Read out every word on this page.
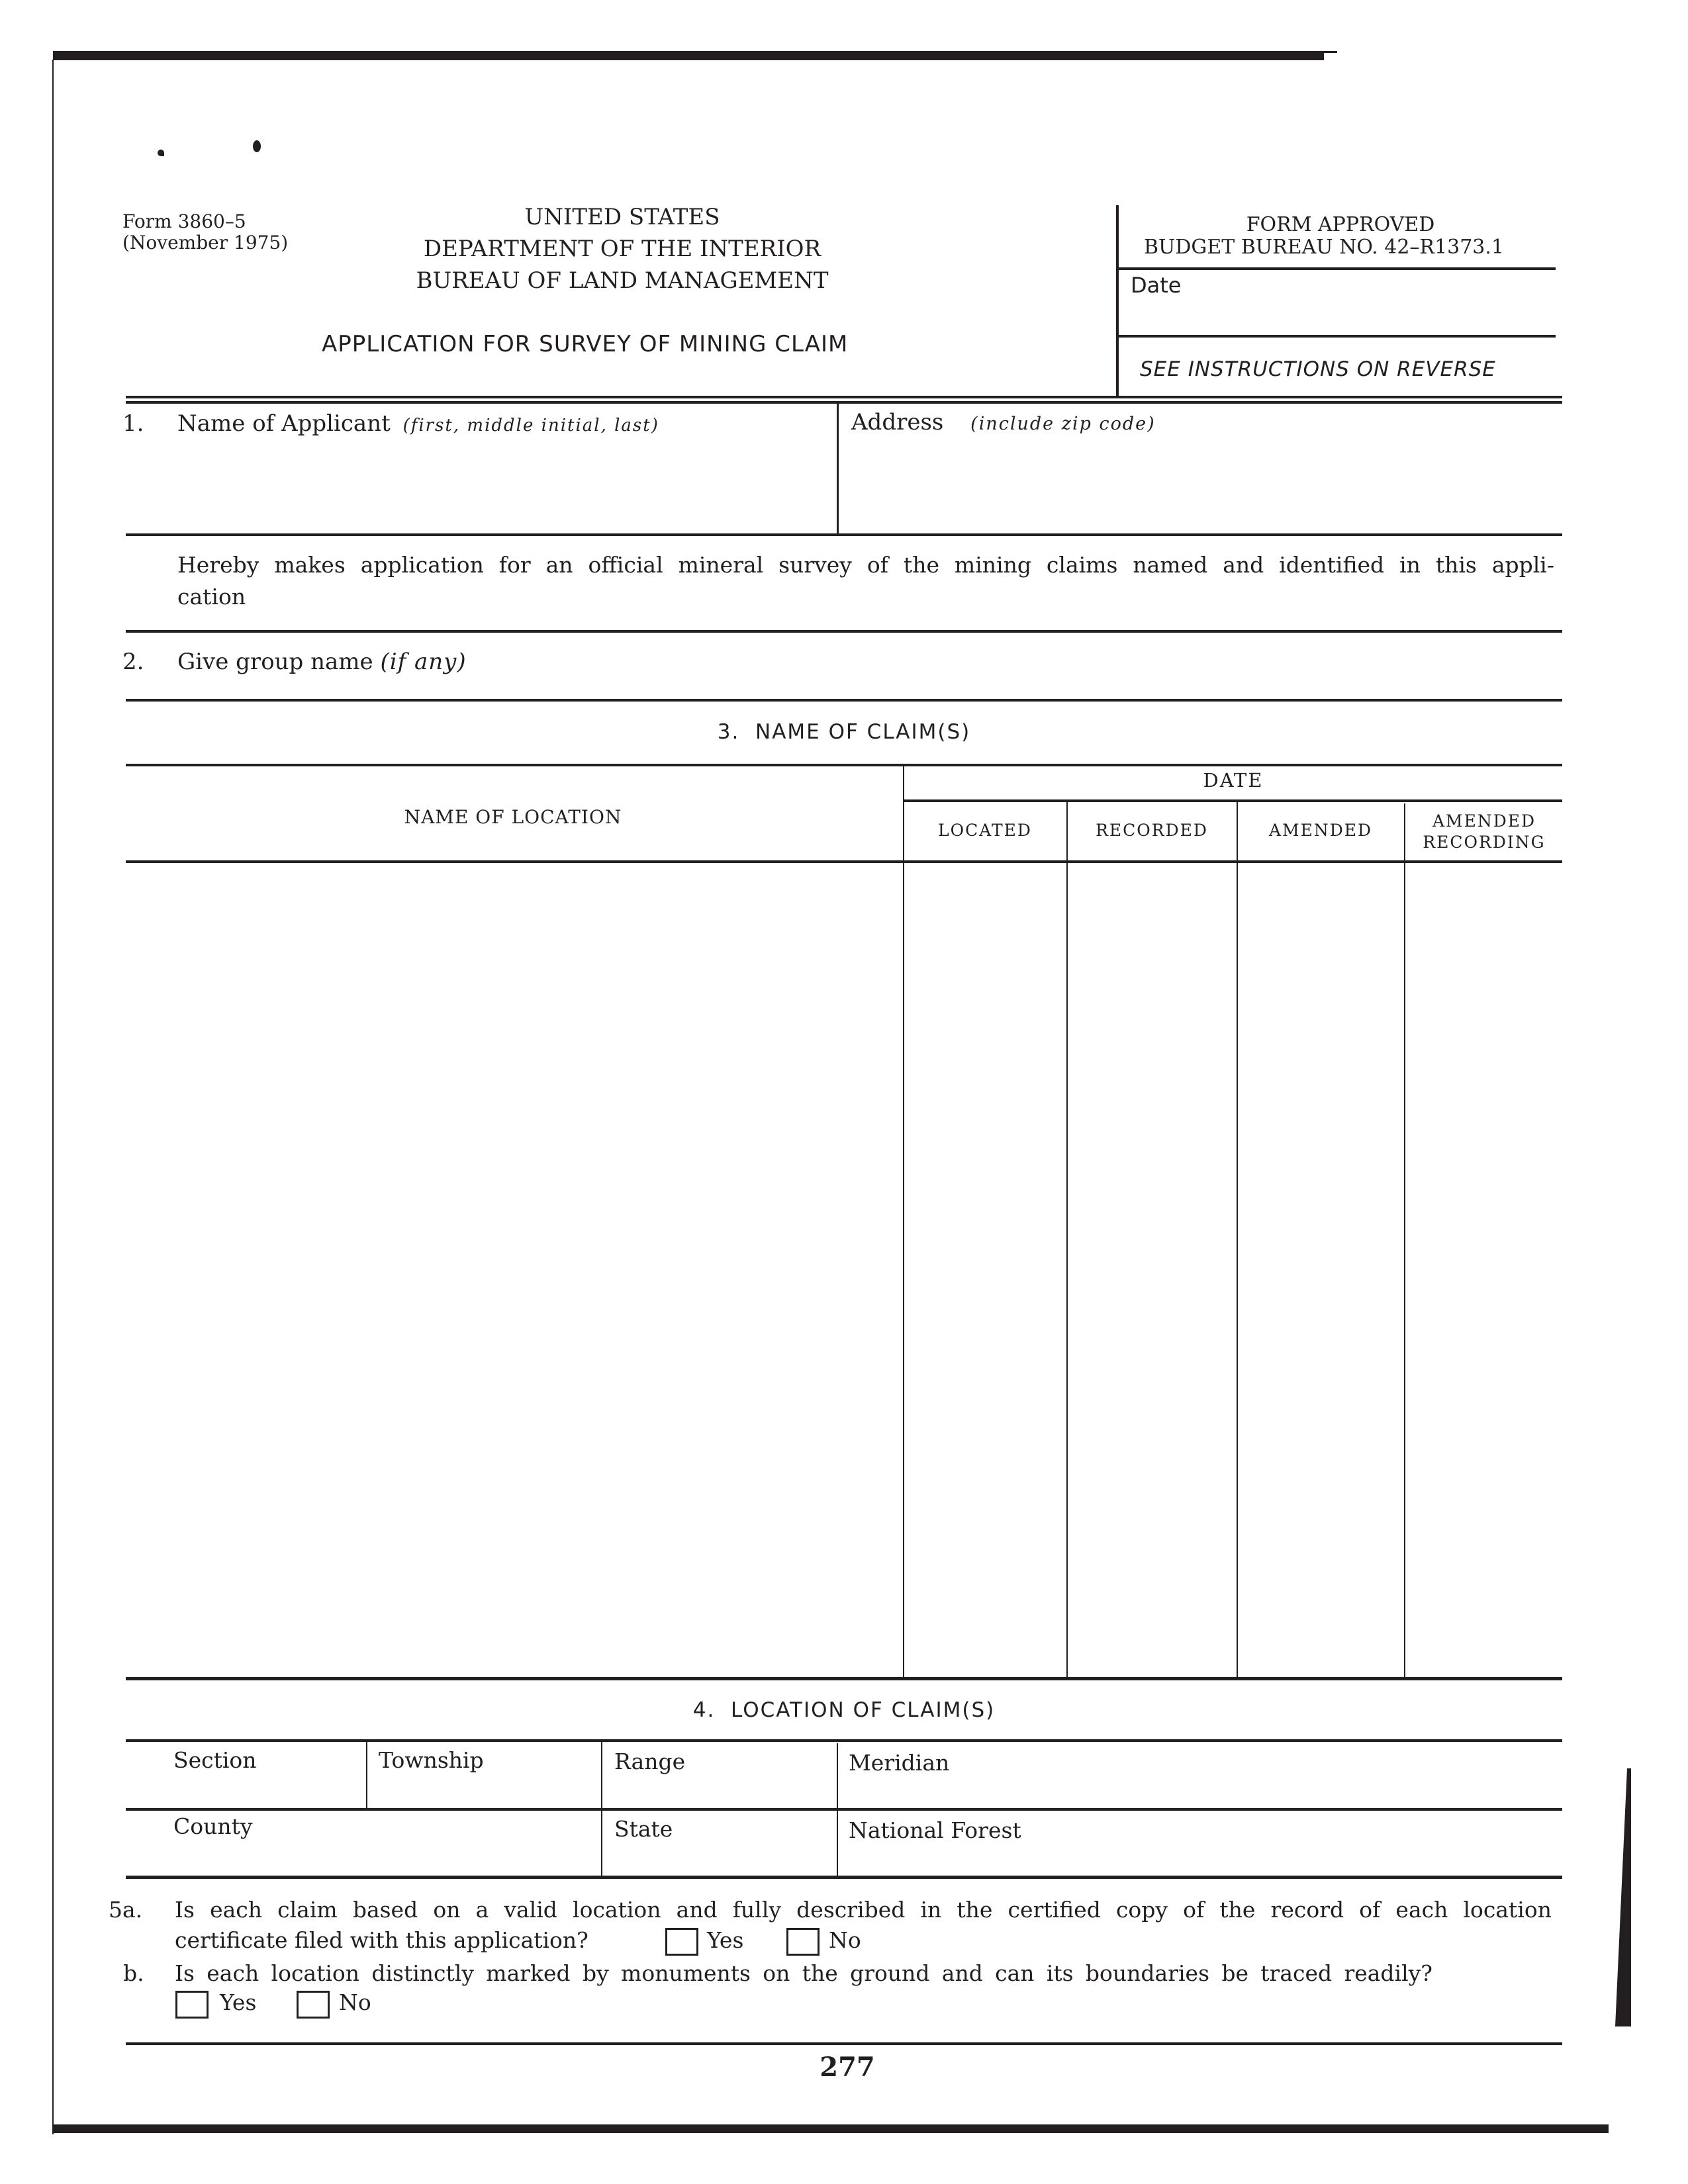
Form 3860–5
(November 1975)
UNITED STATES
DEPARTMENT OF THE INTERIOR
BUREAU OF LAND MANAGEMENT
APPLICATION FOR SURVEY OF MINING CLAIM
FORM APPROVED
BUDGET BUREAU NO. 42–R1373.1
Date
SEE INSTRUCTIONS ON REVERSE
1. Name of Applicant (first, middle initial, last)	Address (include zip code)
Hereby makes application for an official mineral survey of the mining claims named and identified in this appli-
cation
2. Give group name (if any)
3.  NAME OF CLAIM(S)
NAME OF LOCATION
DATE
LOCATED	RECORDED	AMENDED	AMENDED
RECORDING
4.  LOCATION OF CLAIM(S)
Section	Township	Range	Meridian
County	State	National Forest
5a. Is each claim based on a valid location and fully described in the certified copy of the record of each location
certificate filed with this application?	Yes	No
b. Is each location distinctly marked by monuments on the ground and can its boundaries be traced readily?
Yes	No
277
